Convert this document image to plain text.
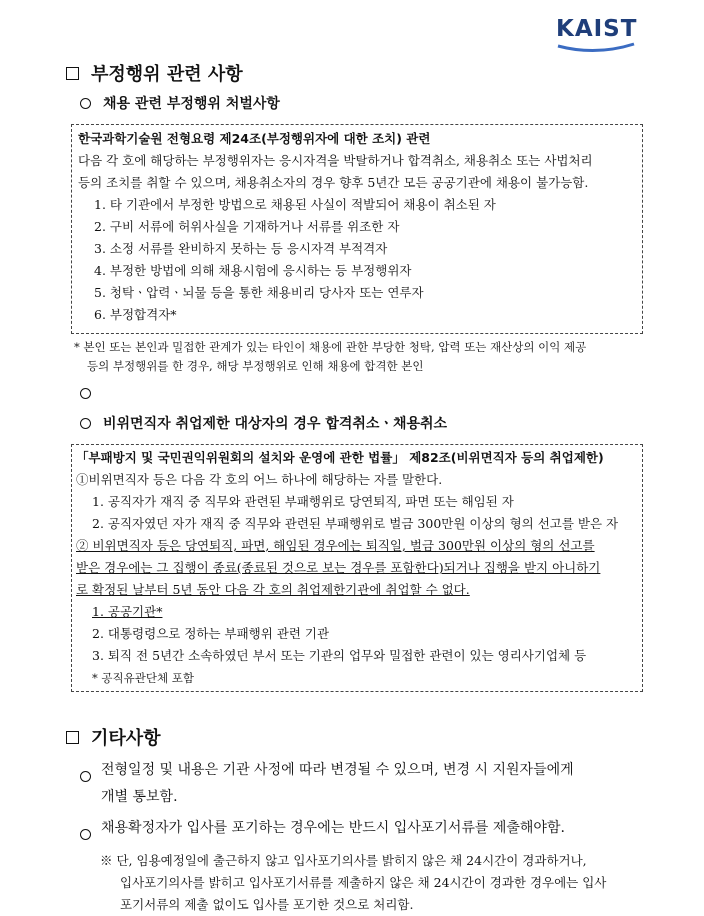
KAIST
부정행위 관련 사항
채용 관련 부정행위 처벌사항

한국과학기술원 전형요령 제24조(부정행위자에 대한 조치) 관련

다음 각 호에 해당하는 부정행위자는 응시자격을 박탈하거나 합격취소, 채용취소 또는 사법처리

등의 조치를 취할 수 있으며, 채용취소자의 경우 향후 5년간 모든 공공기관에 채용이 불가능함.

1. 타 기관에서 부정한 방법으로 채용된 사실이 적발되어 채용이 취소된 자

2. 구비 서류에 허위사실을 기재하거나 서류를 위조한 자

3. 소정 서류를 완비하지 못하는 등 응시자격 부적격자

4. 부정한 방법에 의해 채용시험에 응시하는 등 부정행위자

5. 청탁ㆍ압력ㆍ뇌물 등을 통한 채용비리 당사자 또는 연루자

6. 부정합격자*

* 본인 또는 본인과 밀접한 관계가 있는 타인이 채용에 관한 부당한 청탁, 압력 또는 재산상의 이익 제공

등의 부정행위를 한 경우, 해당 부정행위로 인해 채용에 합격한 본인

비위면직자 취업제한 대상자의 경우 합격취소ㆍ채용취소

「부패방지 및 국민권익위원회의 설치와 운영에 관한 법률」 제82조(비위면직자 등의 취업제한)

①비위면직자 등은 다음 각 호의 어느 하나에 해당하는 자를 말한다.

1. 공직자가 재직 중 직무와 관련된 부패행위로 당연퇴직, 파면 또는 해임된 자

2. 공직자였던 자가 재직 중 직무와 관련된 부패행위로 벌금 300만원 이상의 형의 선고를 받은 자

② 비위면직자 등은 당연퇴직, 파면, 해임된 경우에는 퇴직일, 벌금 300만원 이상의 형의 선고를

받은 경우에는 그 집행이 종료(종료된 것으로 보는 경우를 포함한다)되거나 집행을 받지 아니하기

로 확정된 날부터 5년 동안 다음 각 호의 취업제한기관에 취업할 수 없다.

1. 공공기관*

2. 대통령령으로 정하는 부패행위 관련 기관

3. 퇴직 전 5년간 소속하였던 부서 또는 기관의 업무와 밀접한 관련이 있는 영리사기업체 등

* 공직유관단체 포함

기타사항

전형일정 및 내용은 기관 사정에 따라 변경될 수 있으며, 변경 시 지원자들에게

개별 통보함.

채용확정자가 입사를 포기하는 경우에는 반드시 입사포기서류를 제출해야함.

※ 단, 임용예정일에 출근하지 않고 입사포기의사를 밝히지 않은 채 24시간이 경과하거나,

입사포기의사를 밝히고 입사포기서류를 제출하지 않은 채 24시간이 경과한 경우에는 입사

포기서류의 제출 없이도 입사를 포기한 것으로 처리함.
